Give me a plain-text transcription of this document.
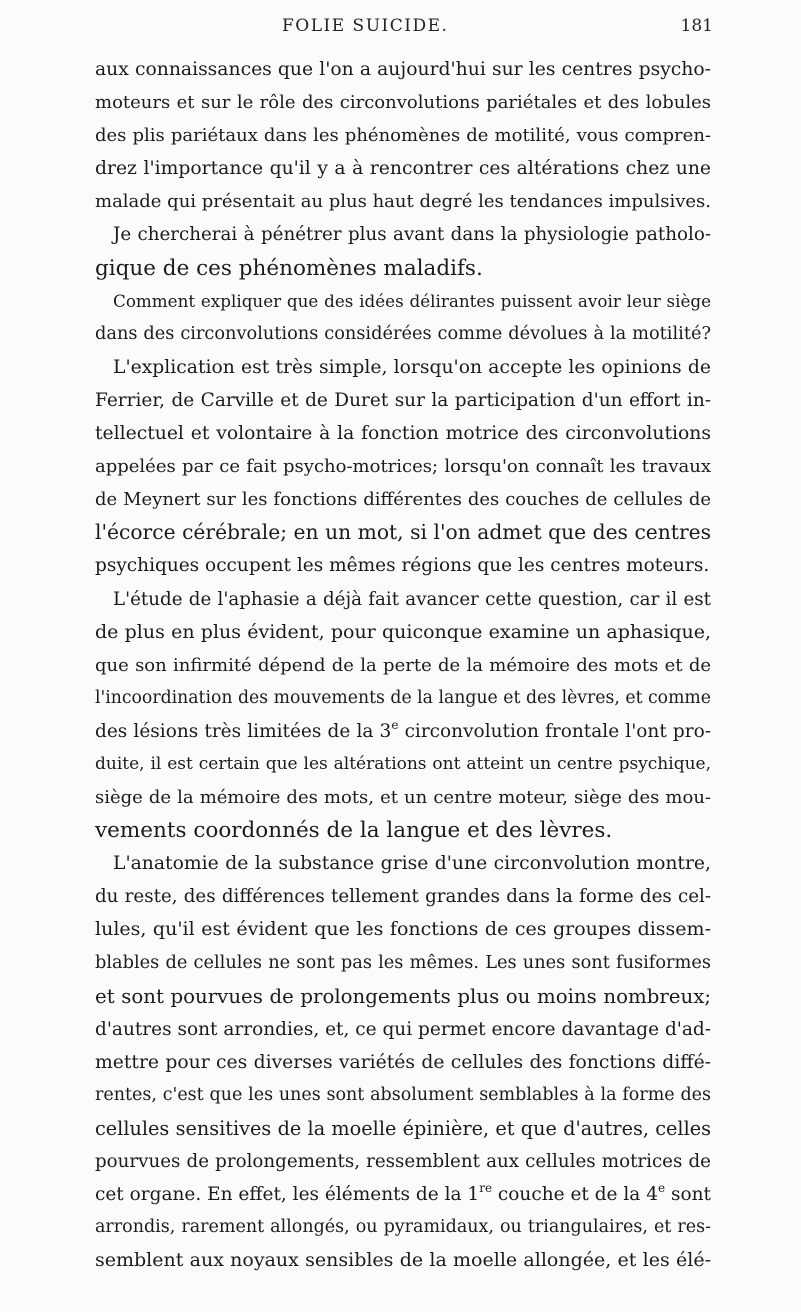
FOLIE SUICIDE.	181
aux connaissances que l'on a aujourd'hui sur les centres psycho-
moteurs et sur le rôle des circonvolutions pariétales et des lobules
des plis pariétaux dans les phénomènes de motilité, vous compren-
drez l'importance qu'il y a à rencontrer ces altérations chez une
malade qui présentait au plus haut degré les tendances impulsives.
Je chercherai à pénétrer plus avant dans la physiologie patholo-
gique de ces phénomènes maladifs.
Comment expliquer que des idées délirantes puissent avoir leur siège
dans des circonvolutions considérées comme dévolues à la motilité?
L'explication est très simple, lorsqu'on accepte les opinions de
Ferrier, de Carville et de Duret sur la participation d'un effort in-
tellectuel et volontaire à la fonction motrice des circonvolutions
appelées par ce fait psycho-motrices; lorsqu'on connaît les travaux
de Meynert sur les fonctions différentes des couches de cellules de
l'écorce cérébrale; en un mot, si l'on admet que des centres
psychiques occupent les mêmes régions que les centres moteurs.
L'étude de l'aphasie a déjà fait avancer cette question, car il est
de plus en plus évident, pour quiconque examine un aphasique,
que son infirmité dépend de la perte de la mémoire des mots et de
l'incoordination des mouvements de la langue et des lèvres, et comme
des lésions très limitées de la 3e circonvolution frontale l'ont pro-
duite, il est certain que les altérations ont atteint un centre psychique,
siège de la mémoire des mots, et un centre moteur, siège des mou-
vements coordonnés de la langue et des lèvres.
L'anatomie de la substance grise d'une circonvolution montre,
du reste, des différences tellement grandes dans la forme des cel-
lules, qu'il est évident que les fonctions de ces groupes dissem-
blables de cellules ne sont pas les mêmes. Les unes sont fusiformes
et sont pourvues de prolongements plus ou moins nombreux;
d'autres sont arrondies, et, ce qui permet encore davantage d'ad-
mettre pour ces diverses variétés de cellules des fonctions diffé-
rentes, c'est que les unes sont absolument semblables à la forme des
cellules sensitives de la moelle épinière, et que d'autres, celles
pourvues de prolongements, ressemblent aux cellules motrices de
cet organe. En effet, les éléments de la 1re couche et de la 4e sont
arrondis, rarement allongés, ou pyramidaux, ou triangulaires, et res-
semblent aux noyaux sensibles de la moelle allongée, et les élé-
